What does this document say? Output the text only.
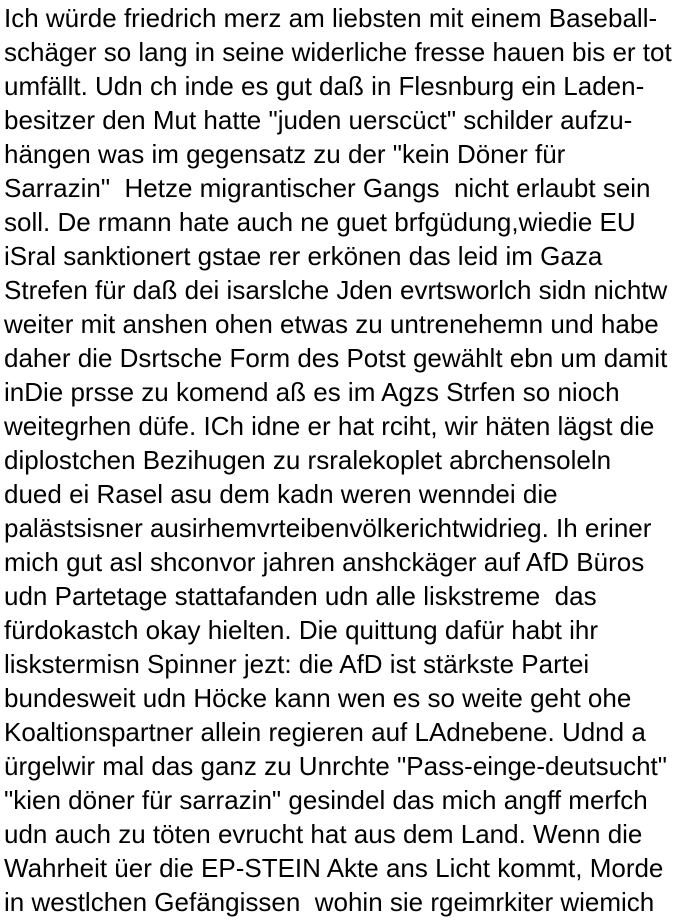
Ich würde friedrich merz am liebsten mit einem Baseball-
schäger so lang in seine widerliche fresse hauen bis er tot
umfällt. Udn ch inde es gut daß in Flesnburg ein Laden-
besitzer den Mut hatte "juden uerscüct" schilder aufzu-
hängen was im gegensatz zu der "kein Döner für
Sarrazin"  Hetze migrantischer Gangs  nicht erlaubt sein
soll. De rmann hate auch ne guet brfgüdung,wiedie EU
iSral sanktionert gstae rer erkönen das leid im Gaza
Strefen für daß dei isarslche Jden evrtsworlch sidn nichtw
weiter mit anshen ohen etwas zu untrenehemn und habe
daher die Dsrtsche Form des Potst gewählt ebn um damit
inDie prsse zu komend aß es im Agzs Strfen so nioch
weitegrhen düfe. ICh idne er hat rciht, wir häten lägst die
diplostchen Bezihugen zu rsralekoplet abrchensoleln
dued ei Rasel asu dem kadn weren wenndei die
palästsisner ausirhemvrteibenvölkerichtwidrieg. Ih eriner
mich gut asl shconvor jahren anshckäger auf AfD Büros
udn Partetage stattafanden udn alle liskstreme  das
fürdokastch okay hielten. Die quittung dafür habt ihr
liskstermisn Spinner jezt: die AfD ist stärkste Partei
bundesweit udn Höcke kann wen es so weite geht ohe
Koaltionspartner allein regieren auf LAdnebene. Udnd a
ürgelwir mal das ganz zu Unrchte "Pass-einge-deutsucht"
"kien döner für sarrazin" gesindel das mich angff merfch
udn auch zu töten evrucht hat aus dem Land. Wenn die
Wahrheit üer die EP-STEIN Akte ans Licht kommt, Morde
in westlchen Gefängissen  wohin sie rgeimrkiter wiemich
